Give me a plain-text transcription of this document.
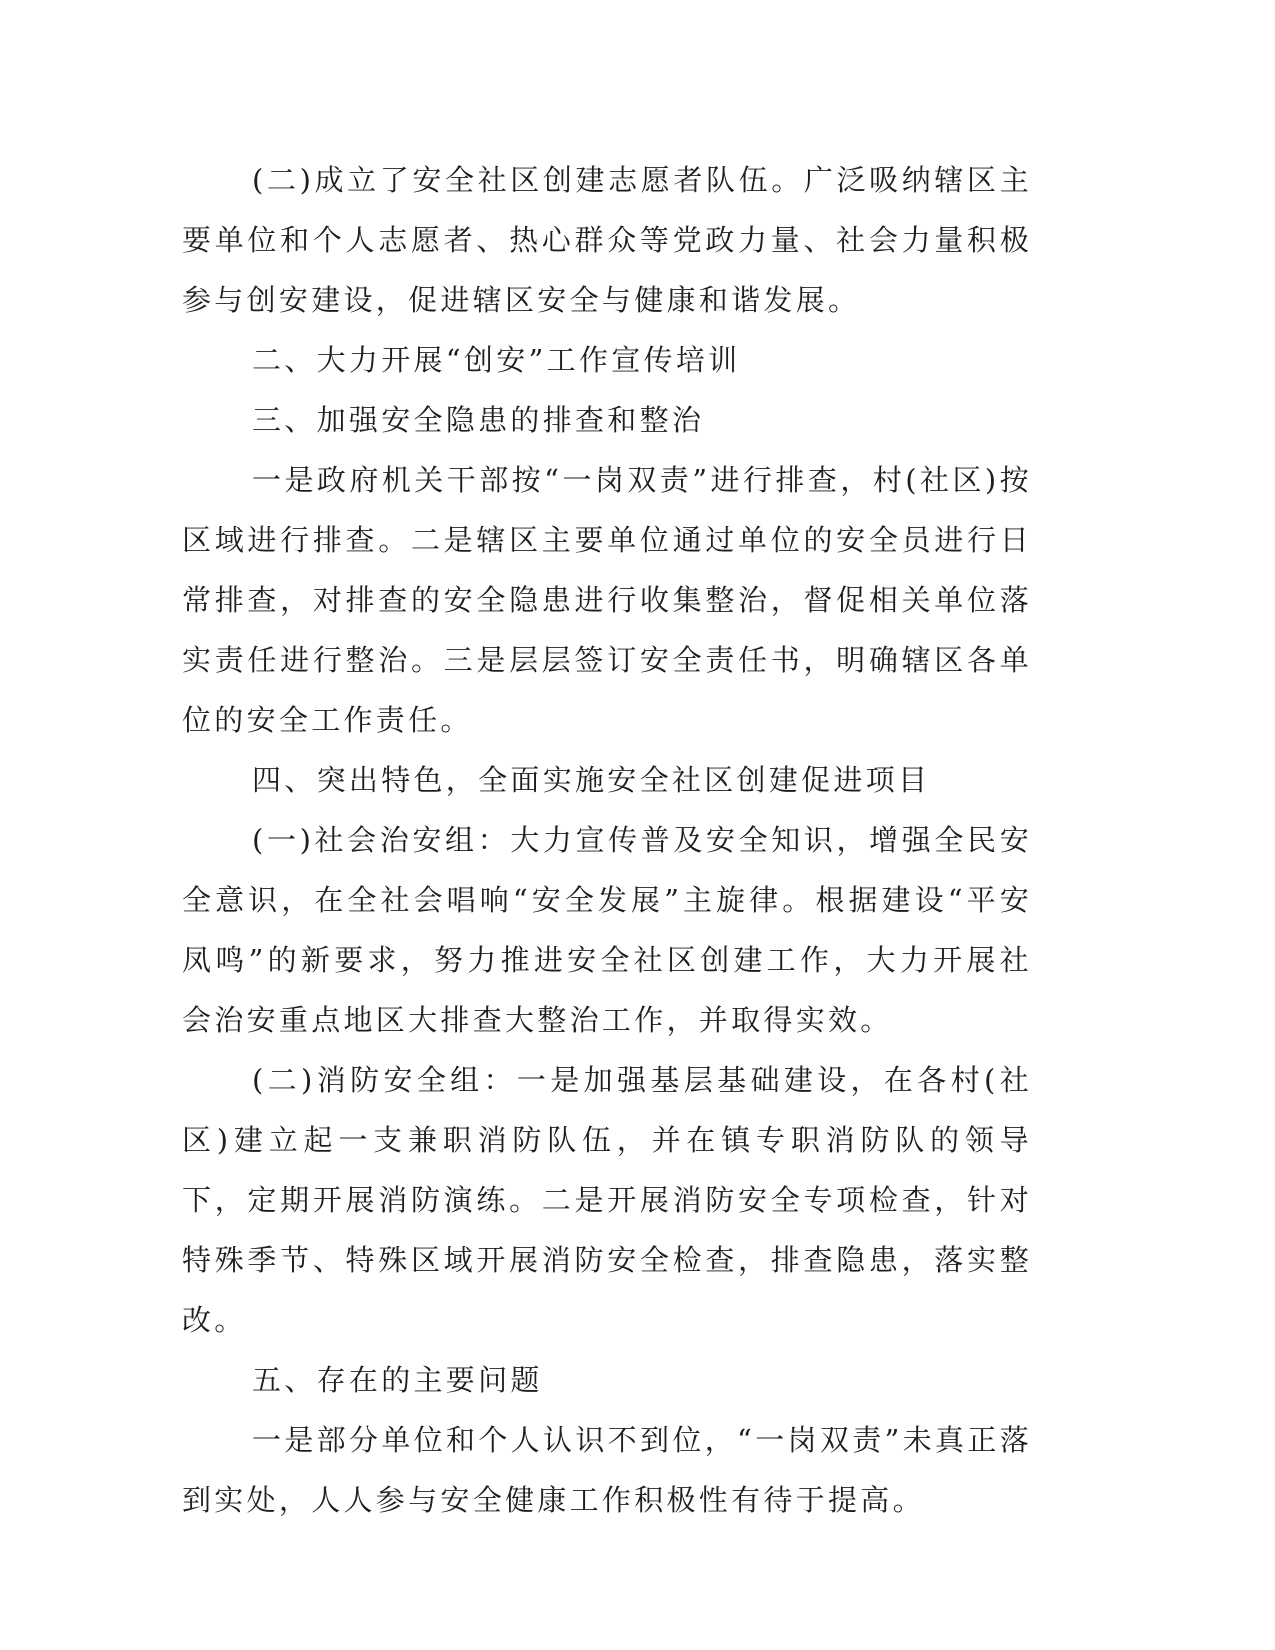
(二)成立了安全社区创建志愿者队伍。广泛吸纳辖区主要单位和个人志愿者、热心群众等党政力量、社会力量积极参与创安建设，促进辖区安全与健康和谐发展。

二、大力开展“创安”工作宣传培训

三、加强安全隐患的排查和整治

一是政府机关干部按“一岗双责”进行排查，村(社区)按区域进行排查。二是辖区主要单位通过单位的安全员进行日常排查，对排查的安全隐患进行收集整治，督促相关单位落实责任进行整治。三是层层签订安全责任书，明确辖区各单位的安全工作责任。

四、突出特色，全面实施安全社区创建促进项目

(一)社会治安组：大力宣传普及安全知识，增强全民安全意识，在全社会唱响“安全发展”主旋律。根据建设“平安凤鸣”的新要求，努力推进安全社区创建工作，大力开展社会治安重点地区大排查大整治工作，并取得实效。

(二)消防安全组：一是加强基层基础建设，在各村(社区)建立起一支兼职消防队伍，并在镇专职消防队的领导下，定期开展消防演练。二是开展消防安全专项检查，针对特殊季节、特殊区域开展消防安全检查，排查隐患，落实整改。

五、存在的主要问题

一是部分单位和个人认识不到位，“一岗双责”未真正落到实处，人人参与安全健康工作积极性有待于提高。
